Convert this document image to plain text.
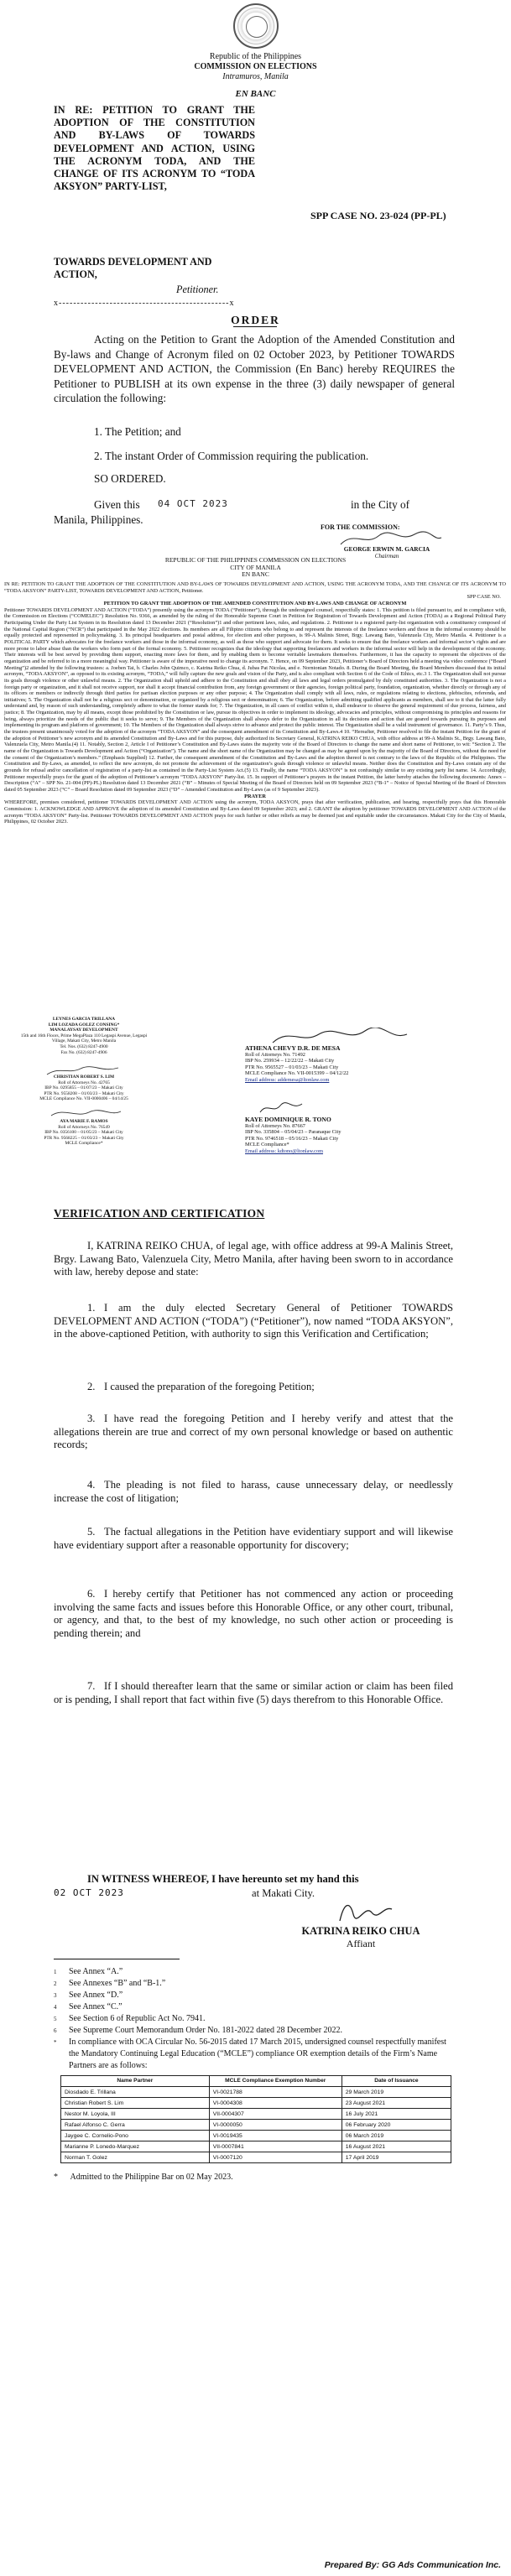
Republic of the Philippines
COMMISSION ON ELECTIONS
Intramuros, Manila
EN BANC
IN RE: PETITION TO GRANT THE ADOPTION OF THE CONSTITUTION AND BY-LAWS OF TOWARDS DEVELOPMENT AND ACTION, USING THE ACRONYM TODA, AND THE CHANGE OF ITS ACRONYM TO “TODA AKSYON” PARTY-LIST,
TOWARDS DEVELOPMENT AND ACTION,
Petitioner.
x-----------------------------------------------x
SPP CASE NO. 23-024 (PP-PL)
ORDER
Acting on the Petition to Grant the Adoption of the Amended Constitution and By-laws and Change of Acronym filed on 02 October 2023, by Petitioner TOWARDS DEVELOPMENT AND ACTION, the Commission (En Banc) hereby REQUIRES the Petitioner to PUBLISH at its own expense in the three (3) daily newspaper of general circulation the following:
1. The Petition; and
2. The instant Order of Commission requiring the publication.
SO ORDERED.
Given this 04 OCT 2023	in the City of
Manila, Philippines.
FOR THE COMMISSION:
GEORGE ERWIN M. GARCIA
Chairman
REPUBLIC OF THE PHILIPPINES COMMISSION ON ELECTIONS
CITY OF MANILA
EN BANC

IN RE: PETITION TO GRANT THE ADOPTION OF THE CONSTITUTION AND BY-LAWS OF TOWARDS DEVELOPMENT AND ACTION, USING THE ACRONYM TODA, AND THE CHANGE OF ITS ACRONYM TO “TODA AKSYON” PARTY-LIST, TOWARDS DEVELOPMENT AND ACTION, Petitioner.

SPP CASE NO.

PETITION TO GRANT THE ADOPTION OF THE AMENDED CONSTITUTION AND BY-LAWS AND CHANGE OF ACRONYM

Petitioner TOWARDS DEVELOPMENT AND ACTION (“TODA”) presently using the acronym TODA (“Petitioner”), through the undersigned counsel, respectfully states: 1. This petition is filed pursuant to, and in compliance with, the Commission on Elections (“COMELEC”) Resolution No. 9366, as amended by the ruling of the Honorable Supreme Court in Petition for Registration of Towards Development and Action (TODA) as a Regional Political Party Participating Under the Party List System in its Resolution dated 13 December 2021 (“Resolution”)1 and other pertinent laws, rules, and regulations. 2. Petitioner is a registered party-list organization with a constituency composed of the National Capital Region (“NCR”) that participated in the May 2022 elections. Its members are all Filipino citizens who belong to and represent the interests of the freelance workers and those in the informal economy should be equally protected and represented in policymaking. 3. Its principal headquarters and postal address, for election and other purposes, is 99-A Malinis Street, Brgy. Lawang Bato, Valenzuela City, Metro Manila. 4. Petitioner is a POLITICAL PARTY which advocates for the freelance workers and those in the informal economy, as well as those who support and advocate for them. It seeks to ensure that the freelance workers and informal sector’s rights and are more prone to labor abuse than the workers who form part of the formal economy. 5. Petitioner recognizes that the ideology that supporting freelancers and workers in the informal sector will help in the development of the economy. Their interests will be best served by providing them support, enacting more laws for them, and by enabling them to become veritable lawmakers themselves. Furthermore, it has the capacity to represent the objectives of the organization and be referred to in a more meaningful way. Petitioner is aware of the imperative need to change its acronym. 7. Hence, on 09 September 2023, Petitioner’s Board of Directors held a meeting via video conference (“Board Meeting”)2 attended by the following trustees: a. Joeben Tai, b. Charles John Quimco, c. Katrina Reiko Chua, d. Jubas Pat Nicolas, and e. Norntonian Notado. 8. During the Board Meeting, the Board Members discussed that its initial acronym, “TODA AKSYON”, as opposed to its existing acronym, “TODA,” will fully capture the new goals and vision of the Party, and is also compliant with Section 6 of the Code of Ethics, etc.3 1. The Organization shall not pursue its goals through violence or other unlawful means. 2. The Organization shall uphold and adhere to the Constitution and shall obey all laws and legal orders promulgated by duly constituted authorities. 3. The Organization is not a foreign party or organization, and it shall not receive support, nor shall it accept financial contribution from, any foreign government or their agencies, foreign political party, foundation, organization, whether directly or through any of its officers or members or indirectly through third parties for partisan election purposes or any other purpose; 4. The Organization shall comply with all laws, rules, or regulations relating to elections, plebiscites, referenda, and initiatives; 5. The Organization shall not be a religious sect or denomination, or organized by a religious sect or denomination; 6. The Organization, before admitting qualified applicants as members, shall see to it that the latter fully understand and, by reason of such understanding, completely adhere to what the former stands for; 7. The Organization, in all cases of conflict within it, shall endeavor to observe the general requirement of due process, fairness, and justice; 8. The Organization, may by all means, except those prohibited by the Constitution or law, pursue its objectives in order to implement its ideology, advocacies and principles, without compromising its principles and reasons for being, always prioritize the needs of the public that it seeks to serve; 9. The Members of the Organization shall always defer to the Organization in all its decisions and action that are geared towards pursuing its purposes and implementing its program and platform of government; 10. The Members of the Organization shall always strive to advance and protect the public interest. The Organization shall be a valid instrument of governance. 11. Party’s 9. Thus, the trustees present unanimously voted for the adoption of the acronym “TODA AKSYON” and the consequent amendment of its Constitution and By-Laws.4 10. “Hereafter, Petitioner resolved to file the instant Petition for the grant of the adoption of Petitioner’s new acronym and its amended Constitution and By-Laws and for this purpose, duly authorized its Secretary General, KATRINA REIKO CHUA, with office address at 99-A Malinis St., Brgy. Lawang Bato, Valenzuela City, Metro Manila.(4) 11. Notably, Section 2, Article I of Petitioner’s Constitution and By-Laws states the majority vote of the Board of Directors to change the name and short name of Petitioner, to wit: “Section 2. The name of the Organization is Towards Development and Action (“Organization”). The name and the short name of the Organization may be changed as may be agreed upon by the majority of the Board of Directors, without the need for the consent of the Organization’s members.” (Emphasis Supplied) 12. Further, the consequent amendment of the Constitution and By-Laws and the adoption thereof is not contrary to the laws of the Republic of the Philippines. The Constitution and By-Laws, as amended, to reflect the new acronym, do not promote the achievement of the organization’s goals through violence or unlawful means. Neither does the Constitution and By-Laws contain any of the grounds for refusal and/or cancellation of registration of a party-list as contained in the Party-List System Act.(5) 13. Finally, the name “TODA AKSYON” is not confusingly similar to any existing party list name. 14. Accordingly, Petitioner respectfully prays for the grant of the adoption of Petitioner’s acronym “TODA AKSYON” Party-list. 15. In support of Petitioner’s prayers in the instant Petition, the latter hereby attaches the following documents: Annex – Description (“A” – SPP No. 21-004 (PP)-PL) Resolution dated 13 December 2021 (“B” – Minutes of Special Meeting of the Board of Directors held on 09 September 2023 (“B-1” – Notice of Special Meeting of the Board of Directors dated 05 September 2023 (“C” – Board Resolution dated 09 September 2023 (“D” – Amended Constitution and By-Laws (as of 9 September 2023).

PRAYER

WHEREFORE, premises considered, petitioner TOWARDS DEVELOPMENT AND ACTION using the acronym, TODA AKSYON, prays that after verification, publication, and hearing, respectfully prays that this Honorable Commission: 1. ACKNOWLEDGE AND APPROVE the adoption of its amended Constitution and By-Laws dated 09 September 2023; and 2. GRANT the adoption by petitioner TOWARDS DEVELOPMENT AND ACTION of the acronym “TODA AKSYON” Party-list. Petitioner TOWARDS DEVELOPMENT AND ACTION prays for such further or other reliefs as may be deemed just and equitable under the circumstances. Makati City for the City of Manila, Philippines, 02 October 2023.

LEYNES GARCIA TRILLANA
LIM LOZADA GOLEZ CONSING*
MANALAYSAY DEVELOPMENT
15th and 16th Floors, Prime MegaPlaza 110 Legaspi Avenue, Legaspi Village, Makati City, Metro Manila
Tel. Nos. (632) 8247-4900
Fax No. (632) 8247-4906
CHRISTIAN ROBERT S. LIM
Roll of Attorneys No. 42765
IBP No. 0295855 – 01/07/23 – Makati City
PTR No. 9558208 – 01/03/23 – Makati City
MCLE Compliance No. VII-0000406 – 04/14/25
AYA MARIE F. RAMOS
Roll of Attorneys No. 76549
IBP No. 0356100 – 01/05/23 – Makati City
PTR No. 9568225 – 01/03/23 – Makati City
MCLE Compliance*
ATHENA CHEVY D.R. DE MESA
Roll of Attorneys No. 71492
IBP No. 259934 – 12/22/22 – Makati City
PTR No. 9565527 – 01/03/23 – Makati City
MCLE Compliance No. VII-0015399 – 04/12/22
Email address: addemesa@ltonlaw.com
KAYE DOMINIQUE R. TONO
Roll of Attorneys No. 87667
IBP No. 335804 – 05/04/23 – Paranaque City
PTR No. 9746518 – 05/16/23 – Makati City
MCLE Compliance*
Email address: kdtono@ltonlaw.com
VERIFICATION AND CERTIFICATION
I, KATRINA REIKO CHUA, of legal age, with office address at 99-A Malinis Street, Brgy. Lawang Bato, Valenzuela City, Metro Manila, after having been sworn to in accordance with law, hereby depose and state:
1. I am the duly elected Secretary General of Petitioner TOWARDS DEVELOPMENT AND ACTION (“TODA”) (“Petitioner”), now named “TODA AKSYON”, in the above-captioned Petition, with authority to sign this Verification and Certification;
2. I caused the preparation of the foregoing Petition;
3. I have read the foregoing Petition and I hereby verify and attest that the allegations therein are true and correct of my own personal knowledge or based on authentic records;
4. The pleading is not filed to harass, cause unnecessary delay, or needlessly increase the cost of litigation;
5. The factual allegations in the Petition have evidentiary support and will likewise have evidentiary support after a reasonable opportunity for discovery;
6. I hereby certify that Petitioner has not commenced any action or proceeding involving the same facts and issues before this Honorable Office, or any other court, tribunal, or agency, and that, to the best of my knowledge, no such other action or proceeding is pending therein; and
7. If I should thereafter learn that the same or similar action or claim has been filed or is pending, I shall report that fact within five (5) days therefrom to this Honorable Office.
IN WITNESS WHEREOF, I have hereunto set my hand this
02 OCT 2023	at Makati City.
KATRINA REIKO CHUA
Affiant
1	See Annex “A.”
2	See Annexes “B” and “B-1.”
3	See Annex “D.”
4	See Annex “C.”
5	See Section 6 of Republic Act No. 7941.
6	See Supreme Court Memorandum Order No. 181-2022 dated 28 December 2022.
*	In compliance with OCA Circular No. 56-2015 dated 17 March 2015, undersigned counsel respectfully manifest the Mandatory Continuing Legal Education (“MCLE”) compliance OR exemption details of the Firm’s Name Partners are as follows:
Name Partner	MCLE Compliance Exemption Number	Date of Issuance
Diosdado E. Trillana	VI-0021788	29 March 2019
Christian Robert S. Lim	VI-0004308	23 August 2021
Nestor M. Loyola, III	VII-0004307	16 July 2021
Rafael Alfonso C. Gerra	VI-0000050	06 February 2020
Jaygee C. Cornelio-Pono	VI-0019435	06 March 2019
Marianne P. Lonedo-Marquez	VII-0007841	16 August 2021
Norman T. Golez	VI-0007120	17 April 2019
* Admitted to the Philippine Bar on 02 May 2023.
Prepared By: GG Ads Communication Inc.
